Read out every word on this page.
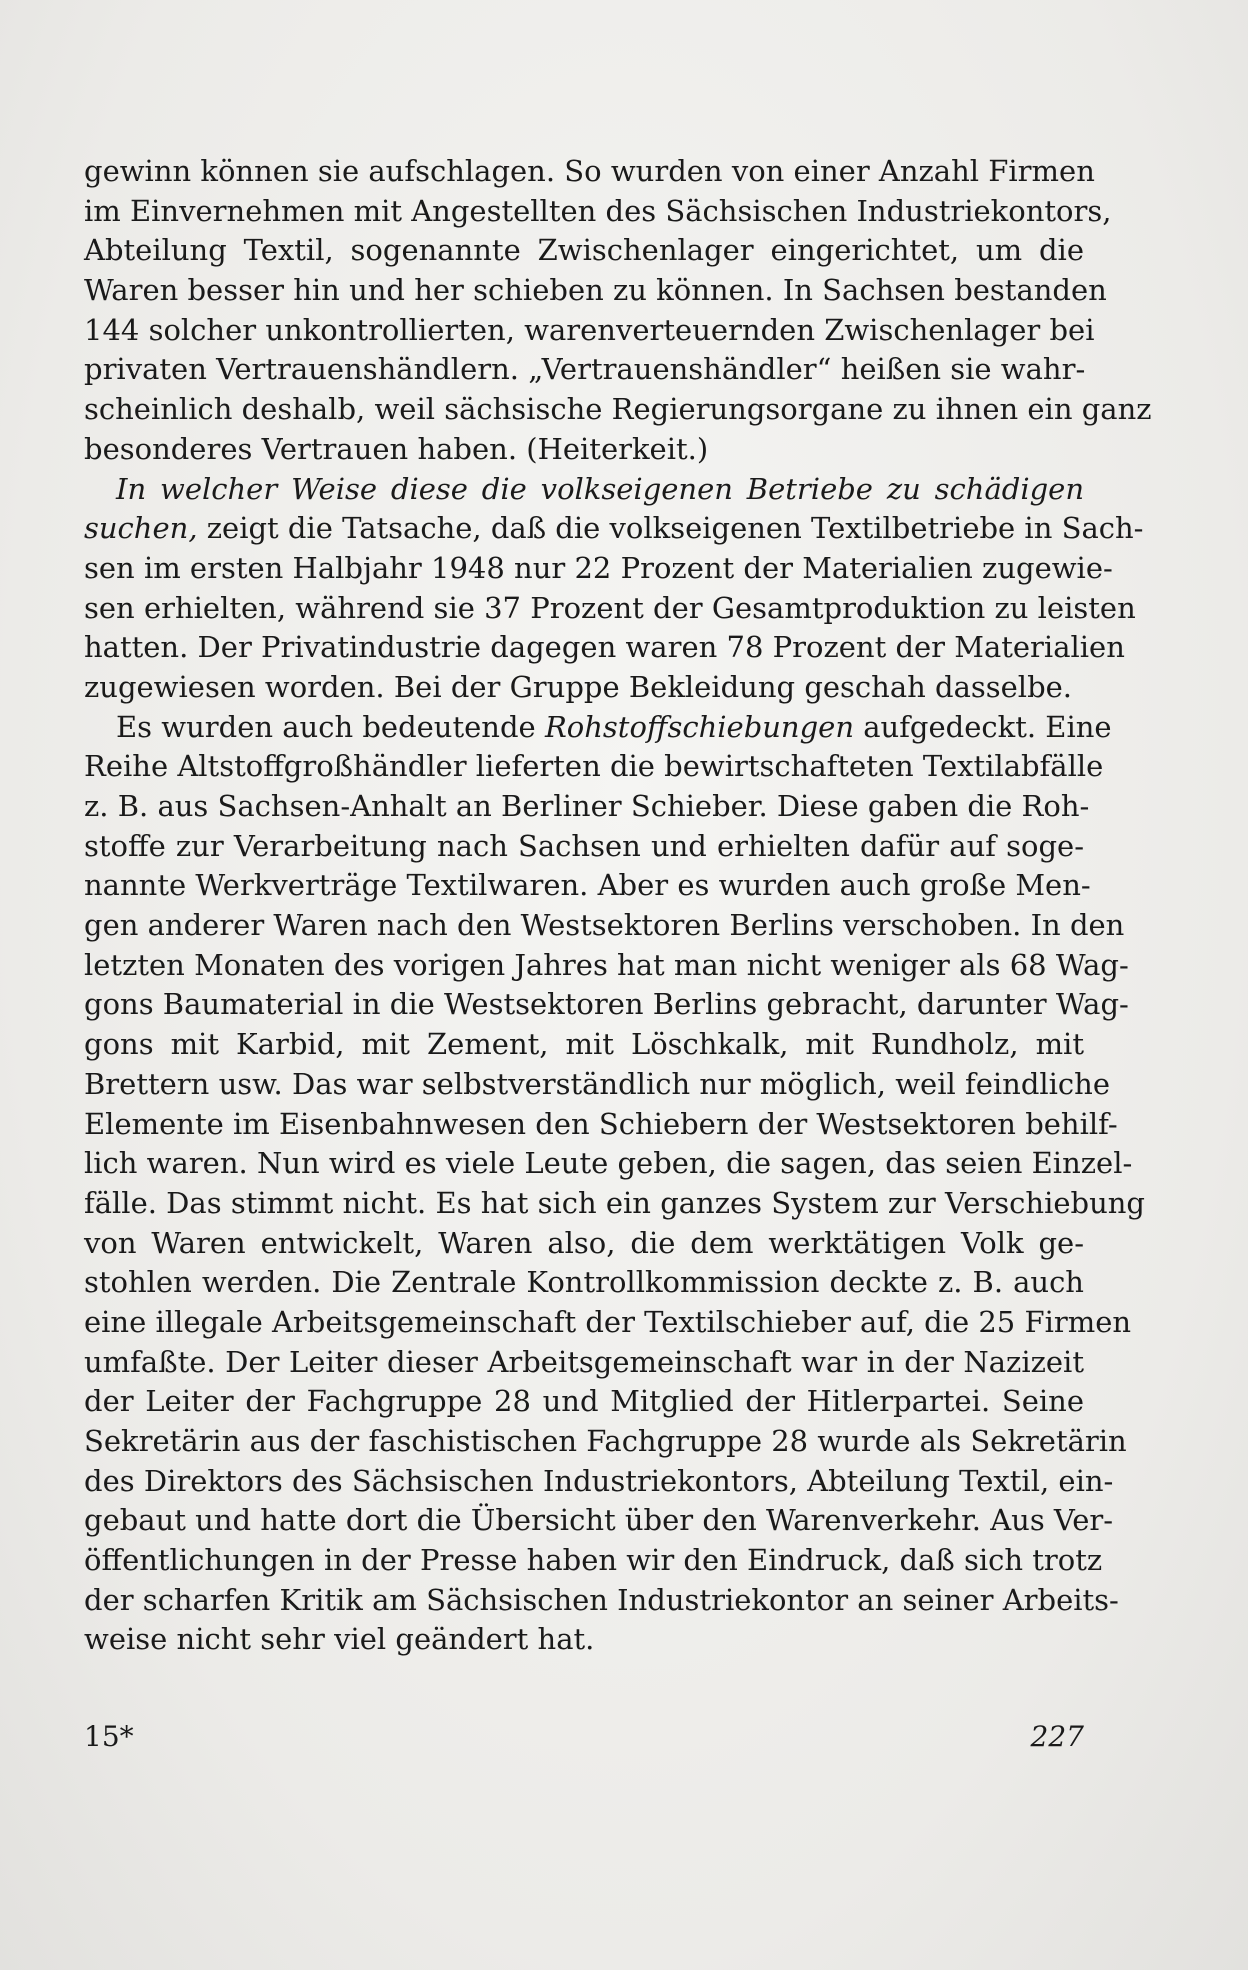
gewinn können sie aufschlagen. So wurden von einer Anzahl Firmen
im Einvernehmen mit Angestellten des Sächsischen Industriekontors,
Abteilung Textil, sogenannte Zwischenlager eingerichtet, um die
Waren besser hin und her schieben zu können. In Sachsen bestanden
144 solcher unkontrollierten, warenverteuernden Zwischenlager bei
privaten Vertrauenshändlern. „Vertrauenshändler“ heißen sie wahr-
scheinlich deshalb, weil sächsische Regierungsorgane zu ihnen ein ganz
besonderes Vertrauen haben. (Heiterkeit.)
In welcher Weise diese die volkseigenen Betriebe zu schädigen
suchen, zeigt die Tatsache, daß die volkseigenen Textilbetriebe in Sach-
sen im ersten Halbjahr 1948 nur 22 Prozent der Materialien zugewie-
sen erhielten, während sie 37 Prozent der Gesamtproduktion zu leisten
hatten. Der Privatindustrie dagegen waren 78 Prozent der Materialien
zugewiesen worden. Bei der Gruppe Bekleidung geschah dasselbe.
Es wurden auch bedeutende Rohstoffschiebungen aufgedeckt. Eine
Reihe Altstoffgroßhändler lieferten die bewirtschafteten Textilabfälle
z. B. aus Sachsen-Anhalt an Berliner Schieber. Diese gaben die Roh-
stoffe zur Verarbeitung nach Sachsen und erhielten dafür auf soge-
nannte Werkverträge Textilwaren. Aber es wurden auch große Men-
gen anderer Waren nach den Westsektoren Berlins verschoben. In den
letzten Monaten des vorigen Jahres hat man nicht weniger als 68 Wag-
gons Baumaterial in die Westsektoren Berlins gebracht, darunter Wag-
gons mit Karbid, mit Zement, mit Löschkalk, mit Rundholz, mit
Brettern usw. Das war selbstverständlich nur möglich, weil feindliche
Elemente im Eisenbahnwesen den Schiebern der Westsektoren behilf-
lich waren. Nun wird es viele Leute geben, die sagen, das seien Einzel-
fälle. Das stimmt nicht. Es hat sich ein ganzes System zur Verschiebung
von Waren entwickelt, Waren also, die dem werktätigen Volk ge-
stohlen werden. Die Zentrale Kontrollkommission deckte z. B. auch
eine illegale Arbeitsgemeinschaft der Textilschieber auf, die 25 Firmen
umfaßte. Der Leiter dieser Arbeitsgemeinschaft war in der Nazizeit
der Leiter der Fachgruppe 28 und Mitglied der Hitlerpartei. Seine
Sekretärin aus der faschistischen Fachgruppe 28 wurde als Sekretärin
des Direktors des Sächsischen Industriekontors, Abteilung Textil, ein-
gebaut und hatte dort die Übersicht über den Warenverkehr. Aus Ver-
öffentlichungen in der Presse haben wir den Eindruck, daß sich trotz
der scharfen Kritik am Sächsischen Industriekontor an seiner Arbeits-
weise nicht sehr viel geändert hat.
15*	227
